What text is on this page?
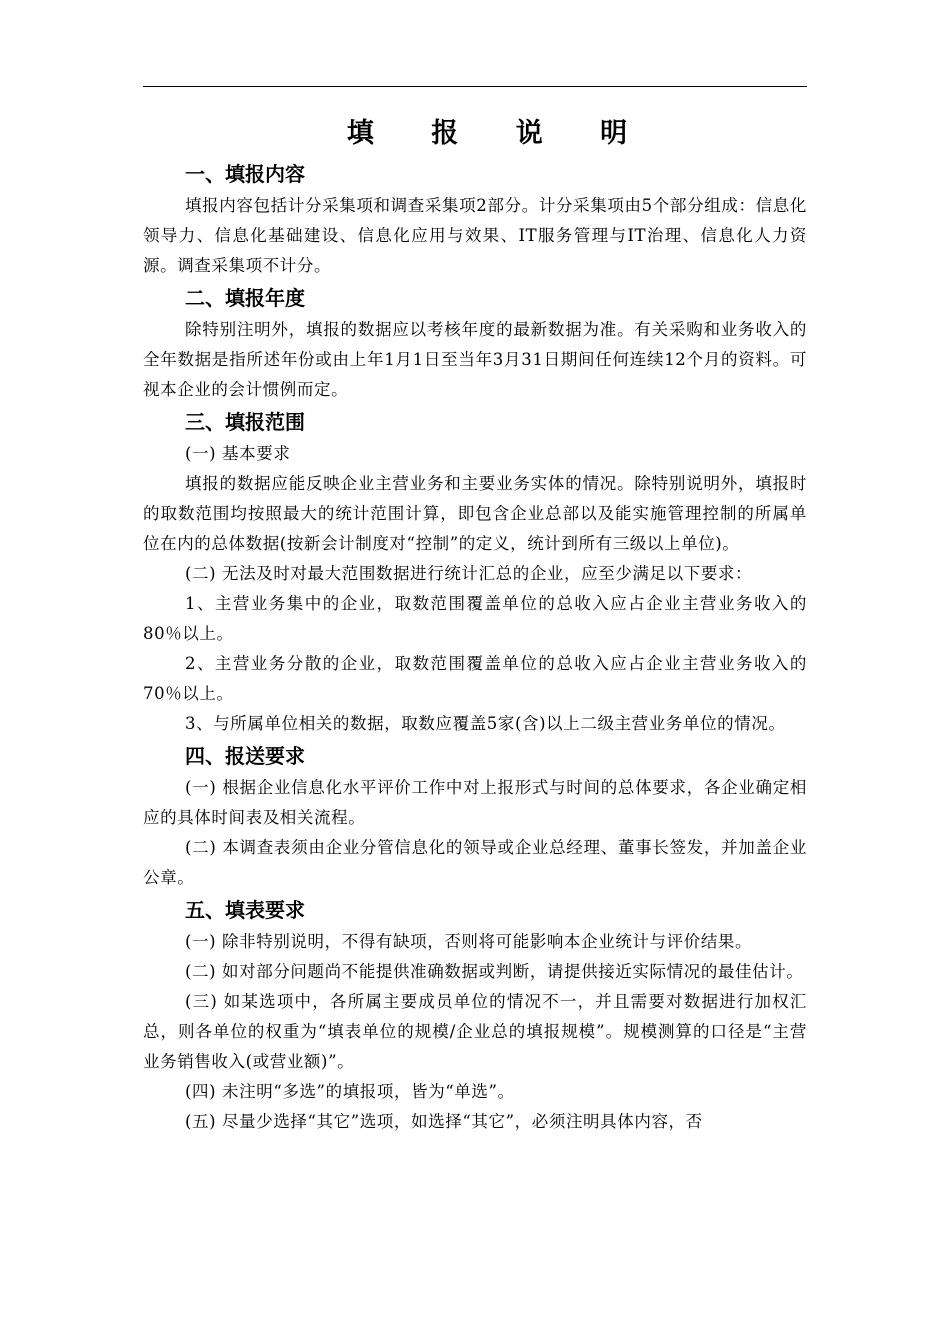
填 报 说 明
一、填报内容

填报内容包括计分采集项和调查采集项2部分。计分采集项由5个部分组成：信息化领导力、信息化基础建设、信息化应用与效果、IT服务管理与IT治理、信息化人力资源。调查采集项不计分。

二、填报年度

除特别注明外，填报的数据应以考核年度的最新数据为准。有关采购和业务收入的全年数据是指所述年份或由上年1月1日至当年3月31日期间任何连续12个月的资料。可视本企业的会计惯例而定。

三、填报范围

(一) 基本要求

填报的数据应能反映企业主营业务和主要业务实体的情况。除特别说明外，填报时的取数范围均按照最大的统计范围计算，即包含企业总部以及能实施管理控制的所属单位在内的总体数据(按新会计制度对“控制”的定义，统计到所有三级以上单位)。

(二) 无法及时对最大范围数据进行统计汇总的企业，应至少满足以下要求：

1、主营业务集中的企业，取数范围覆盖单位的总收入应占企业主营业务收入的80％以上。

2、主营业务分散的企业，取数范围覆盖单位的总收入应占企业主营业务收入的70％以上。

3、与所属单位相关的数据，取数应覆盖5家(含)以上二级主营业务单位的情况。

四、报送要求

(一) 根据企业信息化水平评价工作中对上报形式与时间的总体要求，各企业确定相应的具体时间表及相关流程。

(二) 本调查表须由企业分管信息化的领导或企业总经理、董事长签发，并加盖企业公章。

五、填表要求

(一) 除非特别说明，不得有缺项，否则将可能影响本企业统计与评价结果。

(二) 如对部分问题尚不能提供准确数据或判断，请提供接近实际情况的最佳估计。

(三) 如某选项中，各所属主要成员单位的情况不一，并且需要对数据进行加权汇总，则各单位的权重为“填表单位的规模/企业总的填报规模”。规模测算的口径是“主营业务销售收入(或营业额)”。

(四) 未注明“多选”的填报项，皆为“单选”。

(五) 尽量少选择“其它”选项，如选择“其它”，必须注明具体内容，否
